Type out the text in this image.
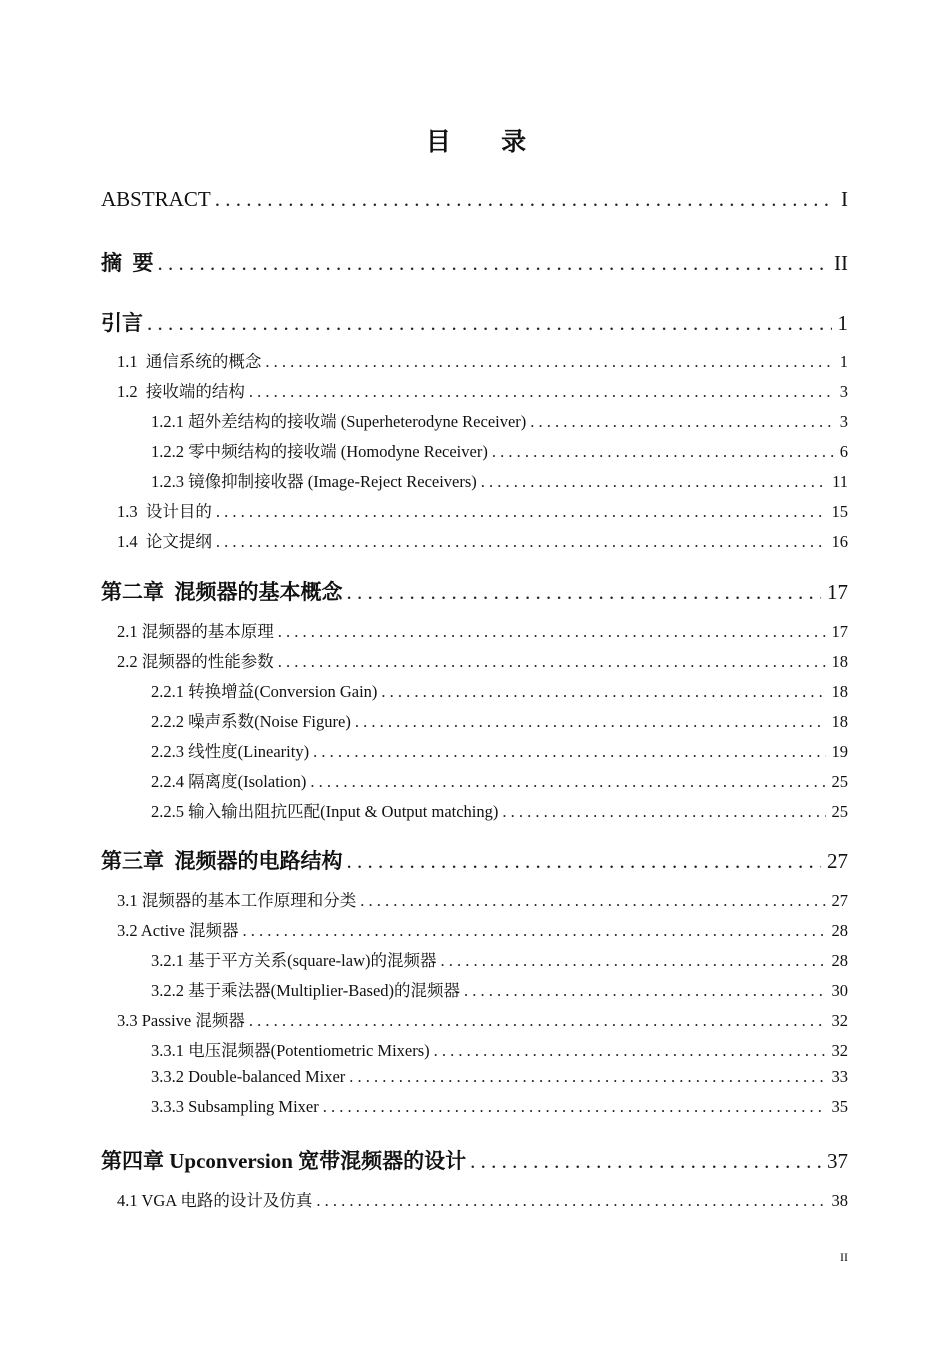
目 录
ABSTRACT . . .	I
摘  要 . . .	II
引言 . . .	1
1.1  通信系统的概念 . . .	1
1.2  接收端的结构 . . .	3
1.2.1 超外差结构的接收端 (Superheterodyne Receiver) . . .	3
1.2.2 零中频结构的接收端 (Homodyne Receiver) . . .	6
1.2.3 镜像抑制接收器 (Image-Reject Receivers) . . .	11
1.3  设计目的 . . .	15
1.4  论文提纲 . . .	16
第二章  混频器的基本概念 . . .	17
2.1 混频器的基本原理 . . .	17
2.2 混频器的性能参数 . . .	18
2.2.1 转换增益(Conversion Gain) . . .	18
2.2.2 噪声系数(Noise Figure) . . .	18
2.2.3 线性度(Linearity) . . .	19
2.2.4 隔离度(Isolation) . . .	25
2.2.5 输入输出阻抗匹配(Input & Output matching) . . .	25
第三章  混频器的电路结构 . . .	27
3.1 混频器的基本工作原理和分类 . . .	27
3.2 Active 混频器 . . .	28
3.2.1 基于平方关系(square-law)的混频器 . . .	28
3.2.2 基于乘法器(Multiplier-Based)的混频器 . . .	30
3.3 Passive 混频器 . . .	32
3.3.1 电压混频器(Potentiometric Mixers) . . .	32
3.3.2 Double-balanced Mixer . . .	33
3.3.3 Subsampling Mixer . . .	35
第四章 Upconversion 宽带混频器的设计 . . .	37
4.1 VGA 电路的设计及仿真 . . .	38
II
